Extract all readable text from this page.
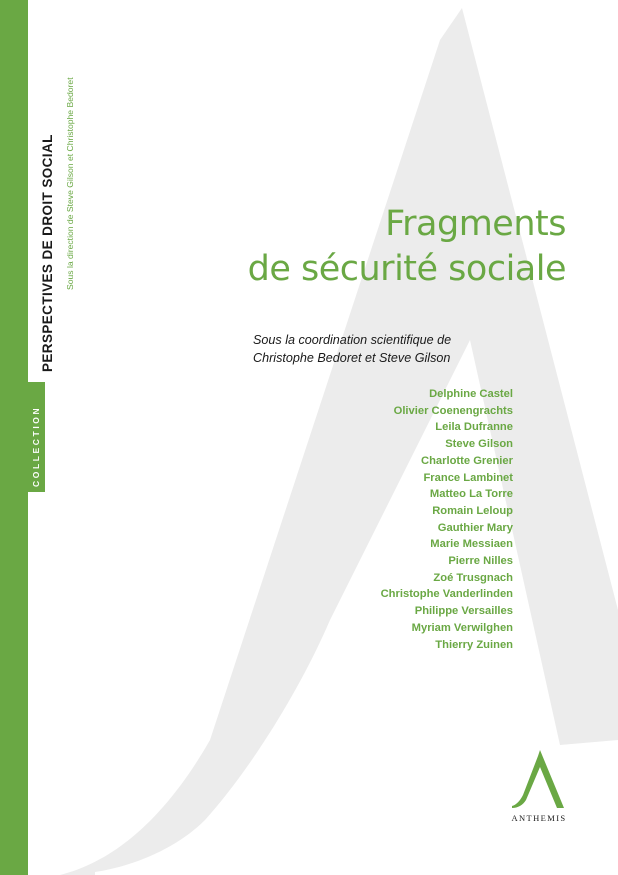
COLLECTION
PERSPECTIVES DE DROIT SOCIAL Sous la direction de Steve Gilson et Christophe Bedoret	Fragments
de sécurité sociale
Sous la coordination scientifique de
Christophe Bedoret et Steve Gilson
Delphine Castel
Olivier Coenengrachts
Leila Dufranne
Steve Gilson
Charlotte Grenier
France Lambinet
Matteo La Torre
Romain Leloup
Gauthier Mary
Marie Messiaen
Pierre Nilles
Zoé Trusgnach
Christophe Vanderlinden
Philippe Versailles
Myriam Verwilghen
Thierry Zuinen
ANTHEMIS
